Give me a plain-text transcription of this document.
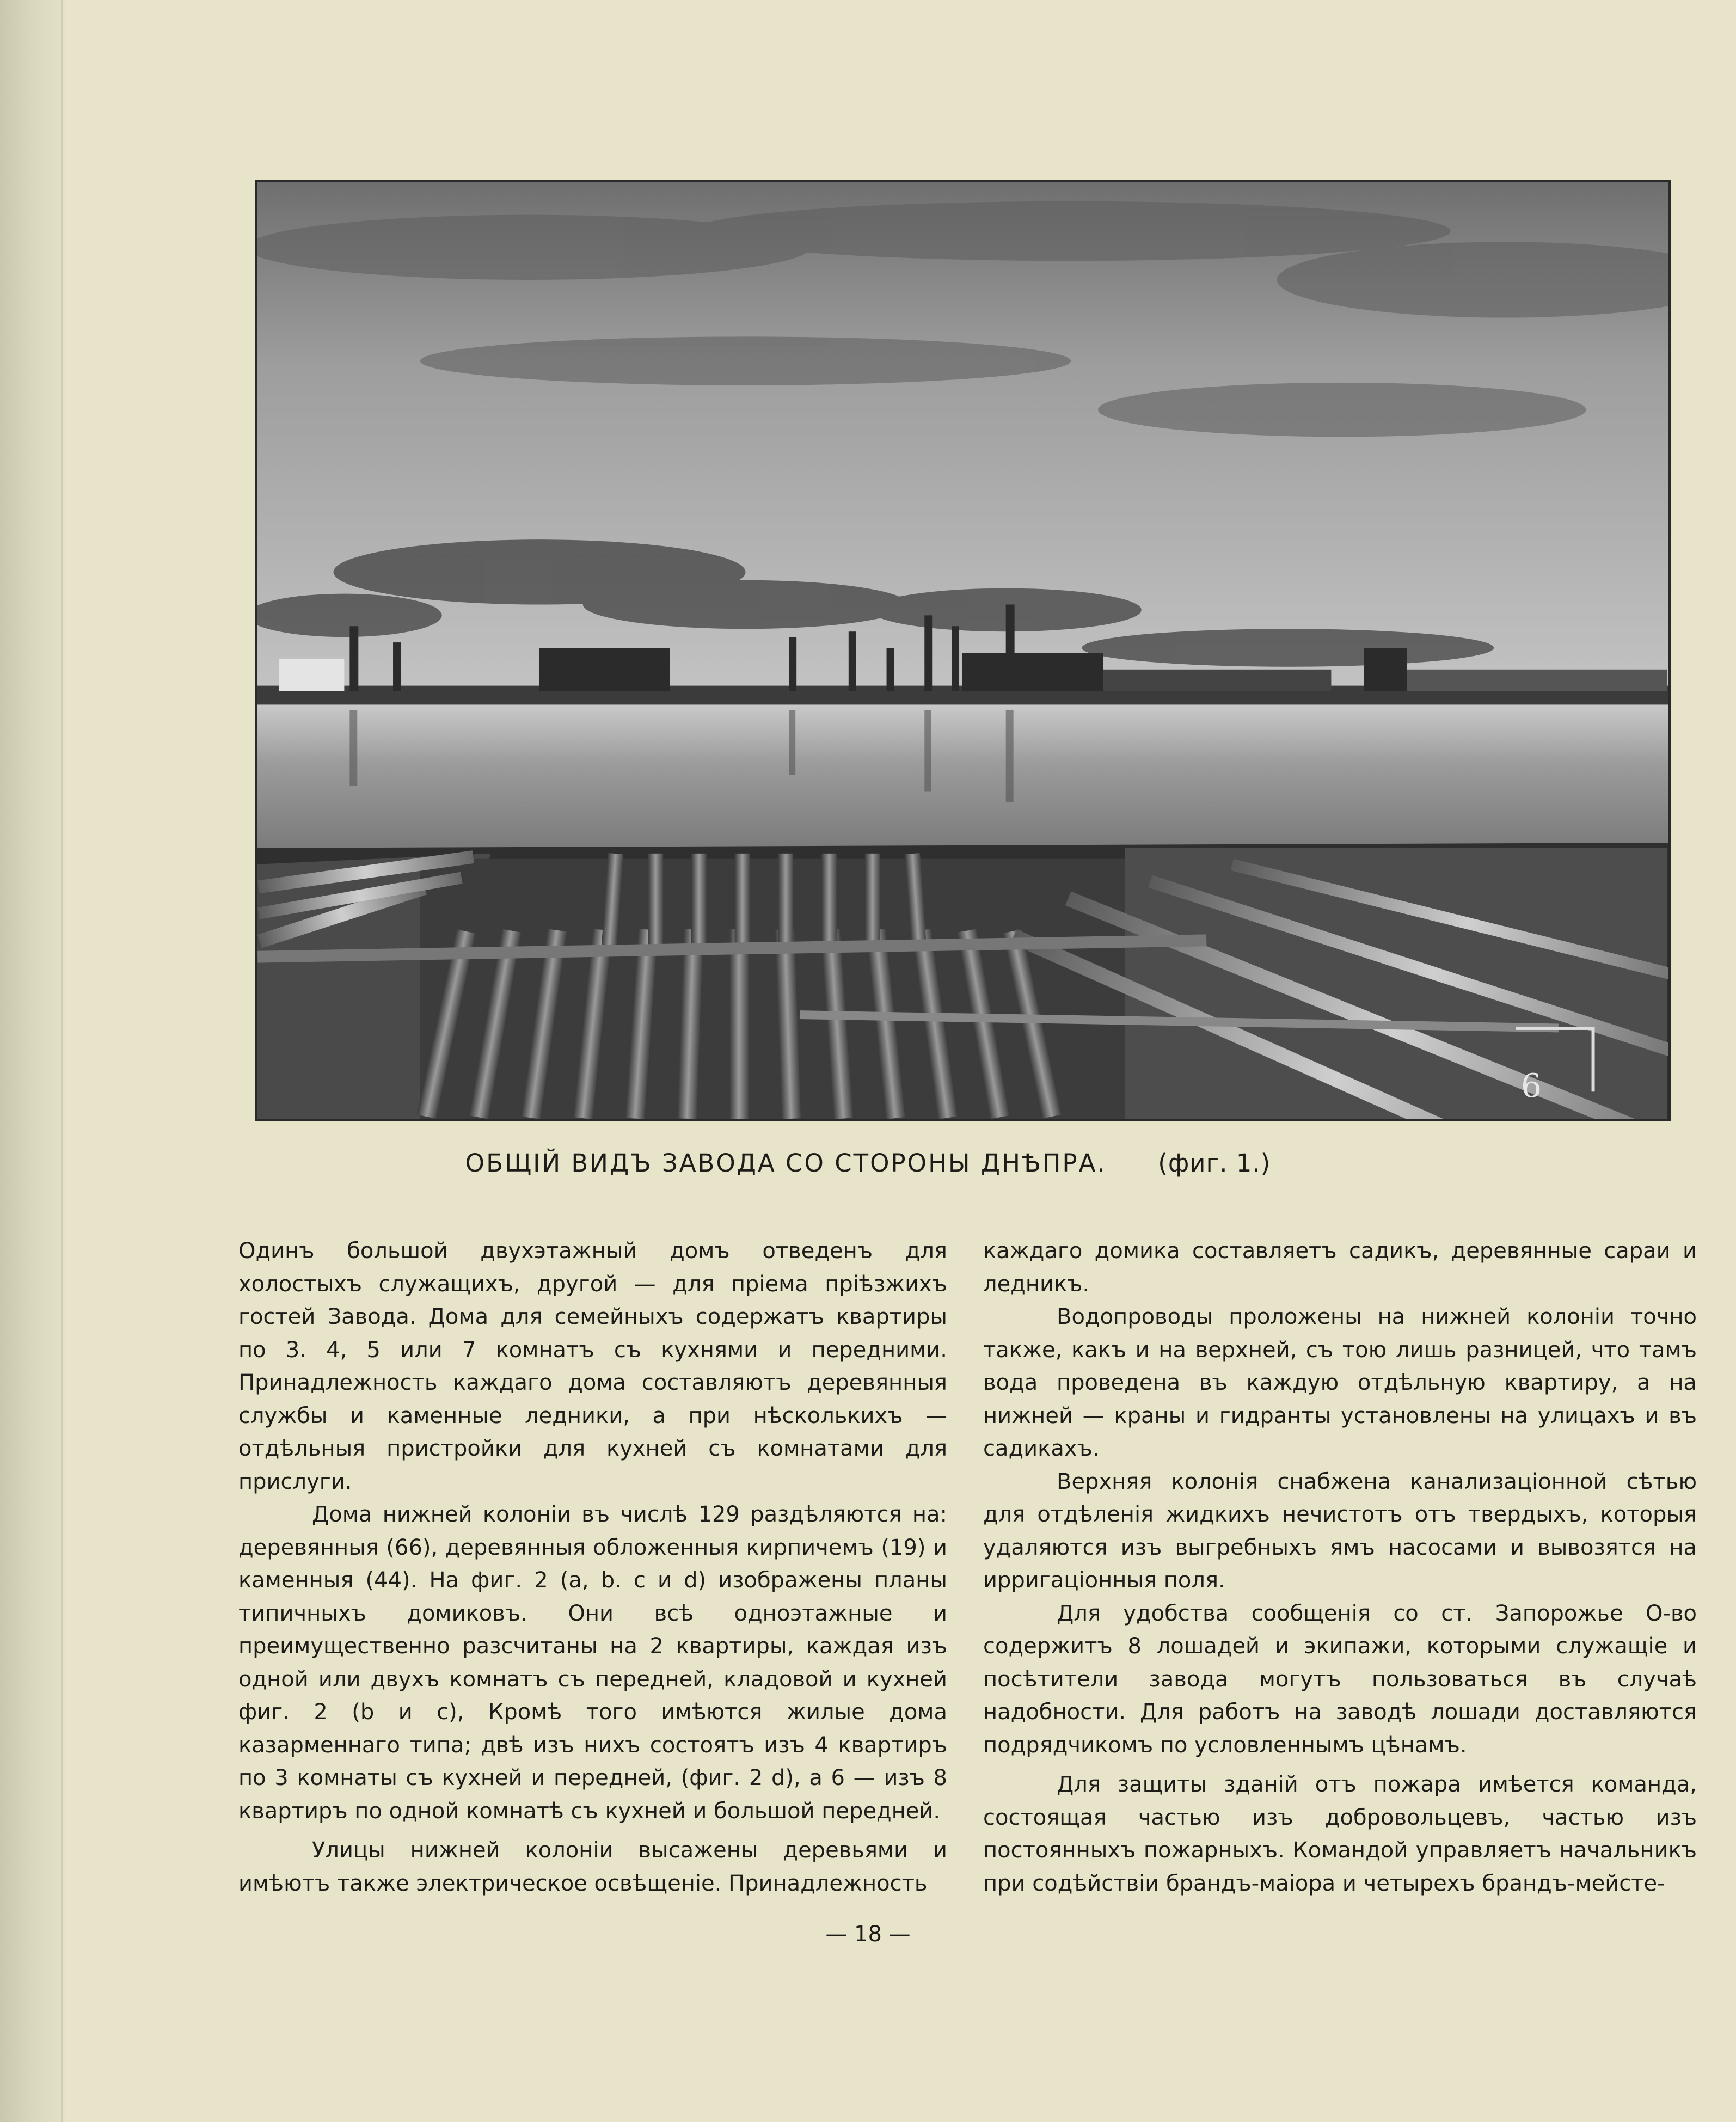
6
ОБЩІЙ ВИДЪ ЗАВОДА СО СТОРОНЫ ДНѢПРА. (фиг. 1.)

Одинъ большой двухэтажный домъ отведенъ для холостыхъ служащихъ, другой — для пріема пріѣзжихъ гостей Завода. Дома для семейныхъ содержатъ квартиры по 3. 4, 5 или 7 комнатъ съ кухнями и передними. Принадлежность каждаго дома составляютъ деревянныя службы и каменные ледники, а при нѣсколькихъ — отдѣльныя пристройки для кухней съ комнатами для прислуги.

Дома нижней колоніи въ числѣ 129 раздѣляются на: деревянныя (66), деревянныя обложенныя кирпичемъ (19) и каменныя (44). На фиг. 2 (a, b. c и d) изображены планы типичныхъ домиковъ. Они всѣ одноэтажные и преимущественно разсчитаны на 2 квартиры, каждая изъ одной или двухъ комнатъ съ передней, кладовой и кухней фиг. 2 (b и c), Кромѣ того имѣются жилые дома казарменнаго типа; двѣ изъ нихъ состоятъ изъ 4 квартиръ по 3 комнаты съ кухней и передней, (фиг. 2 d), а 6 — изъ 8 квартиръ по одной комнатѣ съ кухней и большой передней.

Улицы нижней колоніи высажены деревьями и имѣютъ также электрическое освѣщеніе. Принадлежность

каждаго домика составляетъ садикъ, деревянные сараи и ледникъ.

Водопроводы проложены на нижней колоніи точно также, какъ и на верхней, съ тою лишь разницей, что тамъ вода проведена въ каждую отдѣльную квартиру, а на нижней — краны и гидранты установлены на улицахъ и въ садикахъ.

Верхняя колонія снабжена канализаціонной сѣтью для отдѣленія жидкихъ нечистотъ отъ твердыхъ, которыя удаляются изъ выгребныхъ ямъ насосами и вывозятся на ирригаціонныя поля.

Для удобства сообщенія со ст. Запорожье О-во содержитъ 8 лошадей и экипажи, которыми служащіе и посѣтители завода могутъ пользоваться въ случаѣ надобности. Для работъ на заводѣ лошади доставляются подрядчикомъ по условленнымъ цѣнамъ.

Для защиты зданій отъ пожара имѣется команда, состоящая частью изъ добровольцевъ, частью изъ постоянныхъ пожарныхъ. Командой управляетъ начальникъ при содѣйствіи брандъ-маіора и четырехъ брандъ-мейсте-

— 18 —
